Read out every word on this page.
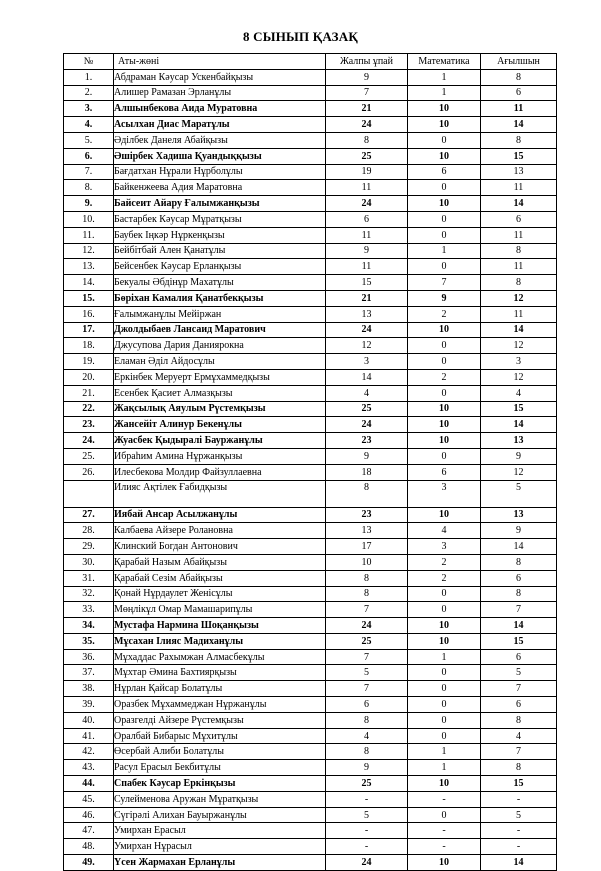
8 СЫНЫП ҚАЗАҚ
№	Аты-жөні	Жалпы ұпай	Математика	Ағылшын
1.	Абдраман Кәусар Ускенбайқызы	9	1	8
2.	Алишер Рамазан Эрланұлы	7	1	6
3.	Алшынбекова Аида Муратовна	21	10	11
4.	Асылхан Диас Маратұлы	24	10	14
5.	Әділбек Данеля Абайқызы	8	0	8
6.	Әшірбек Хадиша Қуандыққызы	25	10	15
7.	Бағдатхан Нұрали Нұрболұлы	19	6	13
8.	Байкенжеева Адия Маратовна	11	0	11
9.	Байсеит Айару Ғалымжанқызы	24	10	14
10.	Бастарбек Кәусар Мұратқызы	6	0	6
11.	Баубек Іңкәр Нұркенқызы	11	0	11
12.	Бейбітбай Ален Қанатұлы	9	1	8
13.	Бейсенбек Кәусар Ерланқызы	11	0	11
14.	Бекуалы Әбдінұр Махатұлы	15	7	8
15.	Бөріхан Камалия Қанатбекқызы	21	9	12
16.	Ғалымжанұлы Мейіржан	13	2	11
17.	Джолдыбаев Лансаид Маратович	24	10	14
18.	Джусупова Дария Даниярокна	12	0	12
19.	Еламан Әділ Айдосұлы	3	0	3
20.	Еркінбек Меруерт Ермұхаммедқызы	14	2	12
21.	Есенбек Қасиет Алмазқызы	4	0	4
22.	Жақсылық Аяулым Рүстемқызы	25	10	15
23.	Жансейіт Алинур Бекенұлы	24	10	14
24.	Жуасбек Қыдыралі Бауржанұлы	23	10	13
25.	Ибраһим Амина Нұржанқызы	9	0	9
26.	Илесбекова Молдир Файзуллаевна	18	6	12
	Илияс Ақтілек Ғабидқызы	8	3	5
27.	Иябай Ансар Асылжанұлы	23	10	13
28.	Калбаева Айзере Ролановна	13	4	9
29.	Клинский Богдан Антонович	17	3	14
30.	Қарабай Назым Абайқызы	10	2	8
31.	Қарабай Сезім Абайқызы	8	2	6
32.	Қонай Нұрдаулет Женісұлы	8	0	8
33.	Мөңлікұл Омар Мамашарипұлы	7	0	7
34.	Мустафа Нармина Шоқанқызы	24	10	14
35.	Мұсахан Ілияс Мадиханұлы	25	10	15
36.	Мұхаддас Рахымжан Алмасбекұлы	7	1	6
37.	Мұхтар Әмина Бахтиярқызы	5	0	5
38.	Нұрлан Қайсар Болатұлы	7	0	7
39.	Оразбек Мұхаммеджан Нұржанұлы	6	0	6
40.	Оразгелді Айзере Рүстемқызы	8	0	8
41.	Оралбай Бибарыс Мұхитұлы	4	0	4
42.	Өсербай Алиби Болатұлы	8	1	7
43.	Расул Ерасыл Бекбитұлы	9	1	8
44.	Спабек Кәусар Еркінқызы	25	10	15
45.	Сулейменова Аружан Мұратқызы	-	-	-
46.	Сүгірәлі Алихан Бауыржанұлы	5	0	5
47.	Умирхан Ерасыл	-	-	-
48.	Умирхан Нұрасыл	-	-	-
49.	Үсен Жармахан Ерланұлы	24	10	14
